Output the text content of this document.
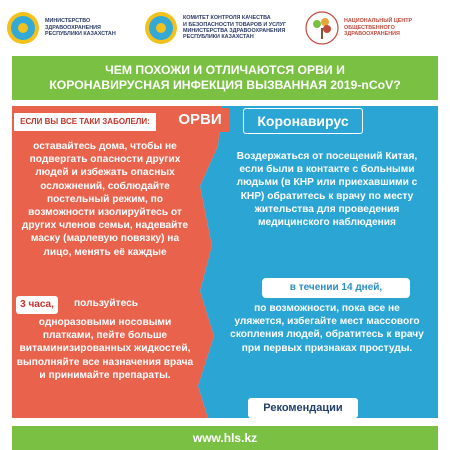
МИНИСТЕРСТВО
ЗДРАВООХРАНЕНИЯ
РЕСПУБЛИКИ КАЗАХСТАН
КОМИТЕТ КОНТРОЛЯ КАЧЕСТВА
И БЕЗОПАСНОСТИ ТОВАРОВ И УСЛУГ
МИНИСТЕРСТВА ЗДРАВООХРАНЕНИЯ
РЕСПУБЛИКИ КАЗАХСТАН
НАЦИОНАЛЬНЫЙ ЦЕНТР
ОБЩЕСТВЕННОГО
ЗДРАВООХРАНЕНИЯ
ЧЕМ ПОХОЖИ И ОТЛИЧАЮТСЯ ОРВИ И
КОРОНАВИРУСНАЯ ИНФЕКЦИЯ ВЫЗВАННАЯ 2019-nCoV?
ЕСЛИ ВЫ ВСЕ ТАКИ ЗАБОЛЕЛИ:	ОРВИ	Коронавирус
оставайтесь дома, чтобы не подвергать опасности других людей и избежать опасных осложнений, соблюдайте постельный режим, по возможности изолируйтесь от других членов семьи, надевайте маску (марлевую повязку) на лицо, менять её каждые
3 часа,	пользуйтесь
одноразовыми носовыми платками, пейте больше витаминизированных жидкостей, выполняйте все назначения врача и принимайте препараты.
Воздержаться от посещений Китая, если были в контакте с больными людьми (в КНР или приехавшими с КНР) обратитесь к врачу по месту жительства для проведения медицинского наблюдения
в течении 14 дней,
по возможности, пока все не уляжется, избегайте мест массового скопления людей, обратитесь к врачу при первых признаках простуды.
Рекомендации
www.hls.kz
